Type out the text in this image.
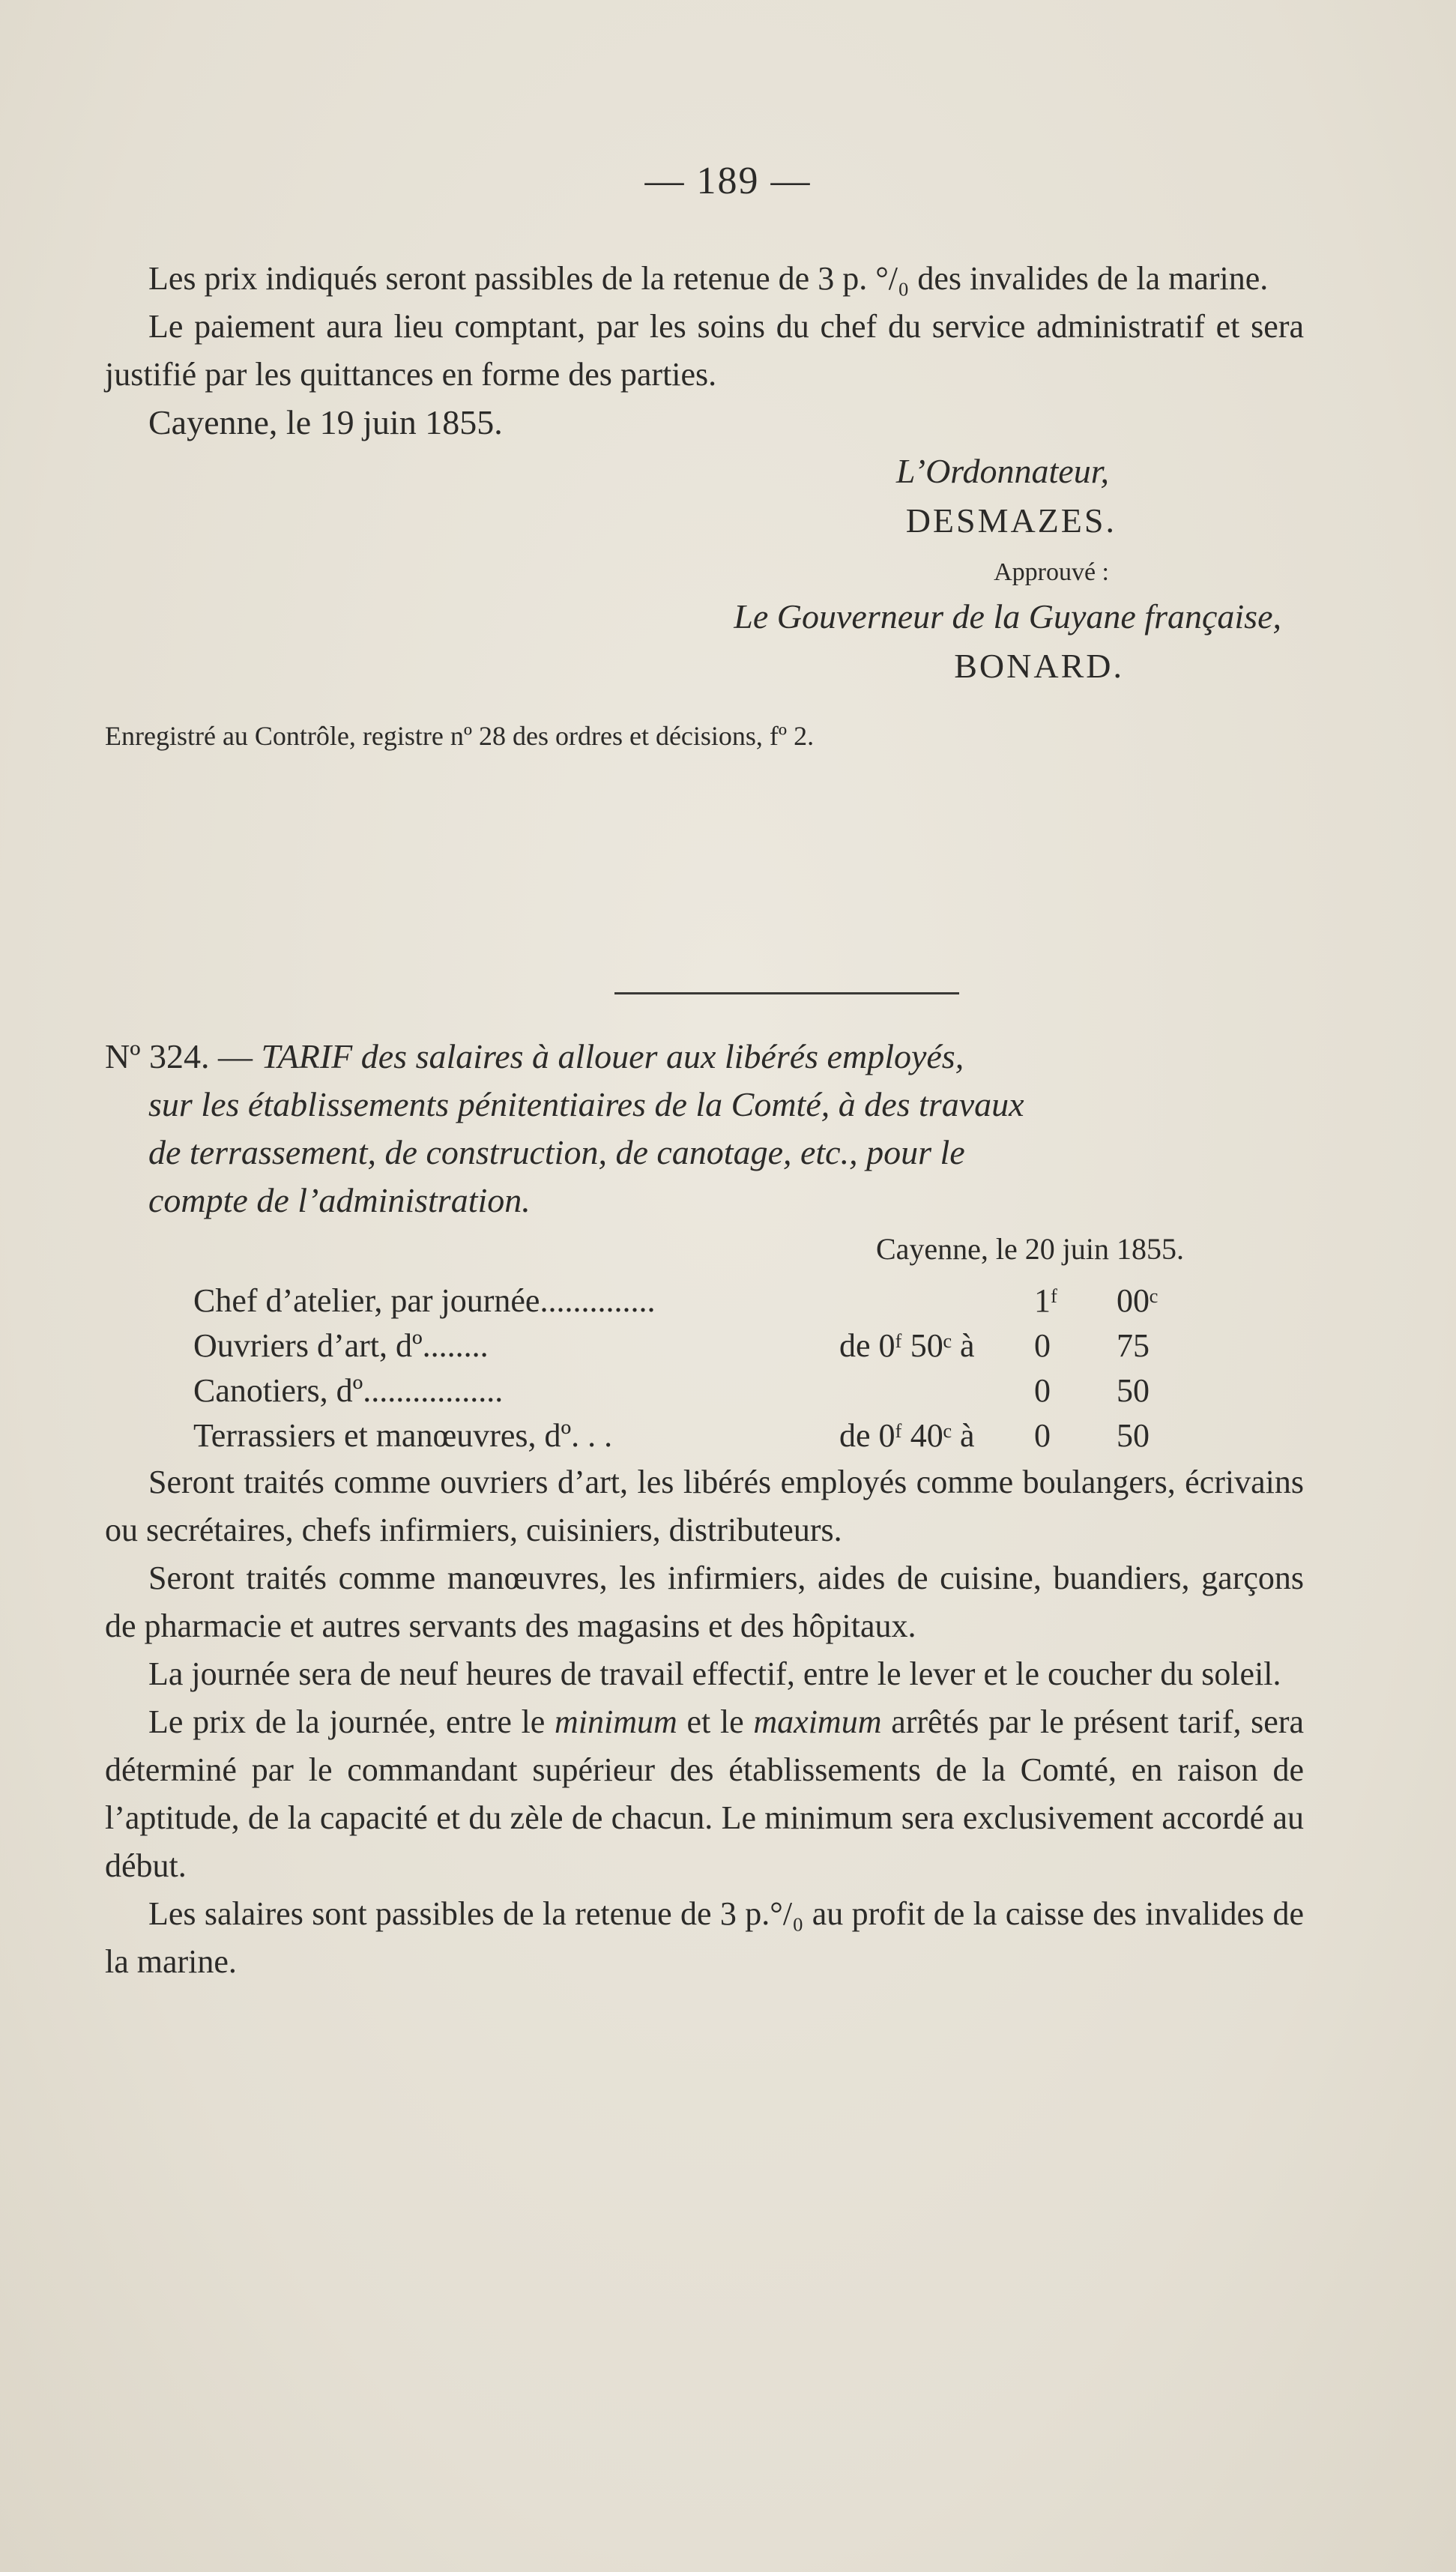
— 189 —

Les prix indiqués seront passibles de la retenue de 3 p. °/₀ des invalides de la marine.

Le paiement aura lieu comptant, par les soins du chef du service administratif et sera justifié par les quittances en forme des parties.

Cayenne, le 19 juin 1855.

L’Ordonnateur,

DESMAZES.

Approuvé :

Le Gouverneur de la Guyane française,

BONARD.

Enregistré au Contrôle, registre nº 28 des ordres et décisions, fº 2.

Nº 324. — TARIF des salaires à allouer aux libérés employés,

sur les établissements pénitentiaires de la Comté, à des travaux

de terrassement, de construction, de canotage, etc., pour le

compte de l’administration.

Cayenne, le 20 juin 1855.

Chef d’atelier, par journée..............	1ᶠ 00ᶜ
Ouvriers d’art, dº........	de 0ᶠ 50ᶜ à 0 75
Canotiers, dº.................	0 50
Terrassiers et manœuvres, dº. . .	de 0ᶠ 40ᶜ à 0 50

Seront traités comme ouvriers d’art, les libérés employés comme boulangers, écrivains ou secrétaires, chefs infirmiers, cuisiniers, distributeurs.

Seront traités comme manœuvres, les infirmiers, aides de cuisine, buandiers, garçons de pharmacie et autres servants des magasins et des hôpitaux.

La journée sera de neuf heures de travail effectif, entre le lever et le coucher du soleil.

Le prix de la journée, entre le minimum et le maximum arrêtés par le présent tarif, sera déterminé par le commandant supérieur des établissements de la Comté, en raison de l’aptitude, de la capacité et du zèle de chacun. Le minimum sera exclusivement accordé au début.

Les salaires sont passibles de la retenue de 3 p.°/₀ au profit de la caisse des invalides de la marine.
